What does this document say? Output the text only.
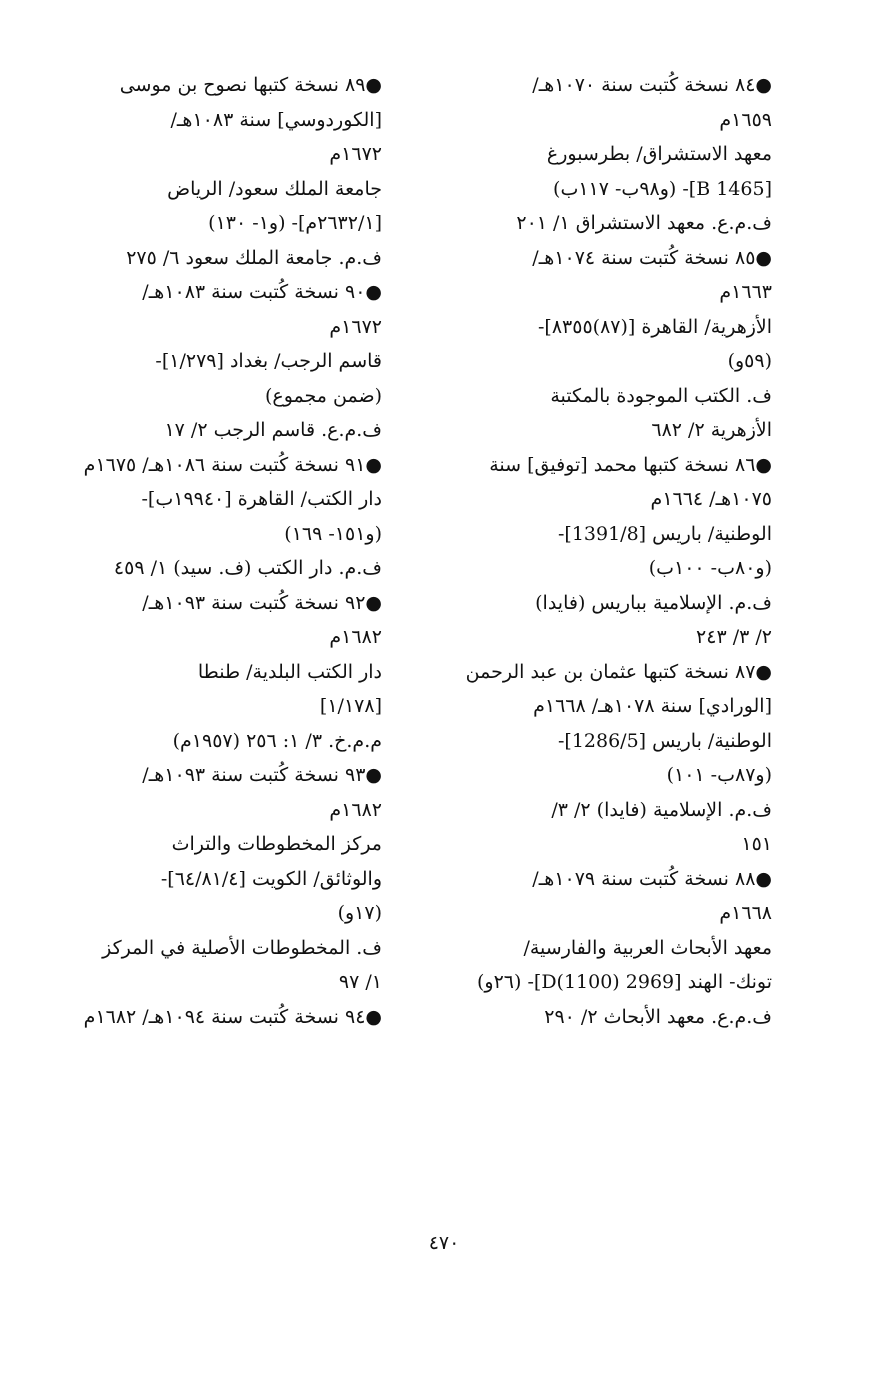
●٨٤ نسخة كُتبت سنة ١٠٧٠هـ/
١٦٥٩م
معهد الاستشراق/ بطرسبورغ
[B 1465]- (و٩٨ب- ١١٧ب)
ف.م.ع. معهد الاستشراق ١/ ٢٠١
●٨٥ نسخة كُتبت سنة ١٠٧٤هـ/
١٦٦٣م
الأزهرية/ القاهرة [(٨٧)٨٣٥٥]-
(٥٩و)
ف. الكتب الموجودة بالمكتبة
الأزهرية ٢/ ٦٨٢
●٨٦ نسخة كتبها محمد [توفيق] سنة
١٠٧٥هـ/ ١٦٦٤م
الوطنية/ باريس [1391/8]-
(و٨٠ب- ١٠٠ب)
ف.م. الإسلامية بباريس (فايدا)
٢/ ٣/ ٢٤٣
●٨٧ نسخة كتبها عثمان بن عبد الرحمن
[الورادي] سنة ١٠٧٨هـ/ ١٦٦٨م
الوطنية/ باريس [1286/5]-
(و٨٧ب- ١٠١)
ف.م. الإسلامية (فايدا) ٢/ ٣/
١٥١
●٨٨ نسخة كُتبت سنة ١٠٧٩هـ/
١٦٦٨م
معهد الأبحاث العربية والفارسية/
تونك- الهند [2969 D(1100)]- (٢٦و)
ف.م.ع. معهد الأبحاث ٢/ ٢٩٠
●٨٩ نسخة كتبها نصوح بن موسى
[الكوردوسي] سنة ١٠٨٣هـ/
١٦٧٢م
جامعة الملك سعود/ الرياض
[٢٦٣٢/١م]- (و١- ١٣٠)
ف.م. جامعة الملك سعود ٦/ ٢٧٥
●٩٠ نسخة كُتبت سنة ١٠٨٣هـ/
١٦٧٢م
قاسم الرجب/ بغداد [١/٢٧٩]-
(ضمن مجموع)
ف.م.ع. قاسم الرجب ٢/ ١٧
●٩١ نسخة كُتبت سنة ١٠٨٦هـ/ ١٦٧٥م
دار الكتب/ القاهرة [١٩٩٤٠ب]-
(و١٥١- ١٦٩)
ف.م. دار الكتب (ف. سيد) ١/ ٤٥٩
●٩٢ نسخة كُتبت سنة ١٠٩٣هـ/
١٦٨٢م
دار الكتب البلدية/ طنطا
[١/١٧٨]
م.م.خ. ٣/ ١: ٢٥٦ (١٩٥٧م)
●٩٣ نسخة كُتبت سنة ١٠٩٣هـ/
١٦٨٢م
مركز المخطوطات والتراث
والوثائق/ الكويت [٦٤/٨١/٤]-
(١٧و)
ف. المخطوطات الأصلية في المركز
١/ ٩٧
●٩٤ نسخة كُتبت سنة ١٠٩٤هـ/ ١٦٨٢م
٤٧٠
